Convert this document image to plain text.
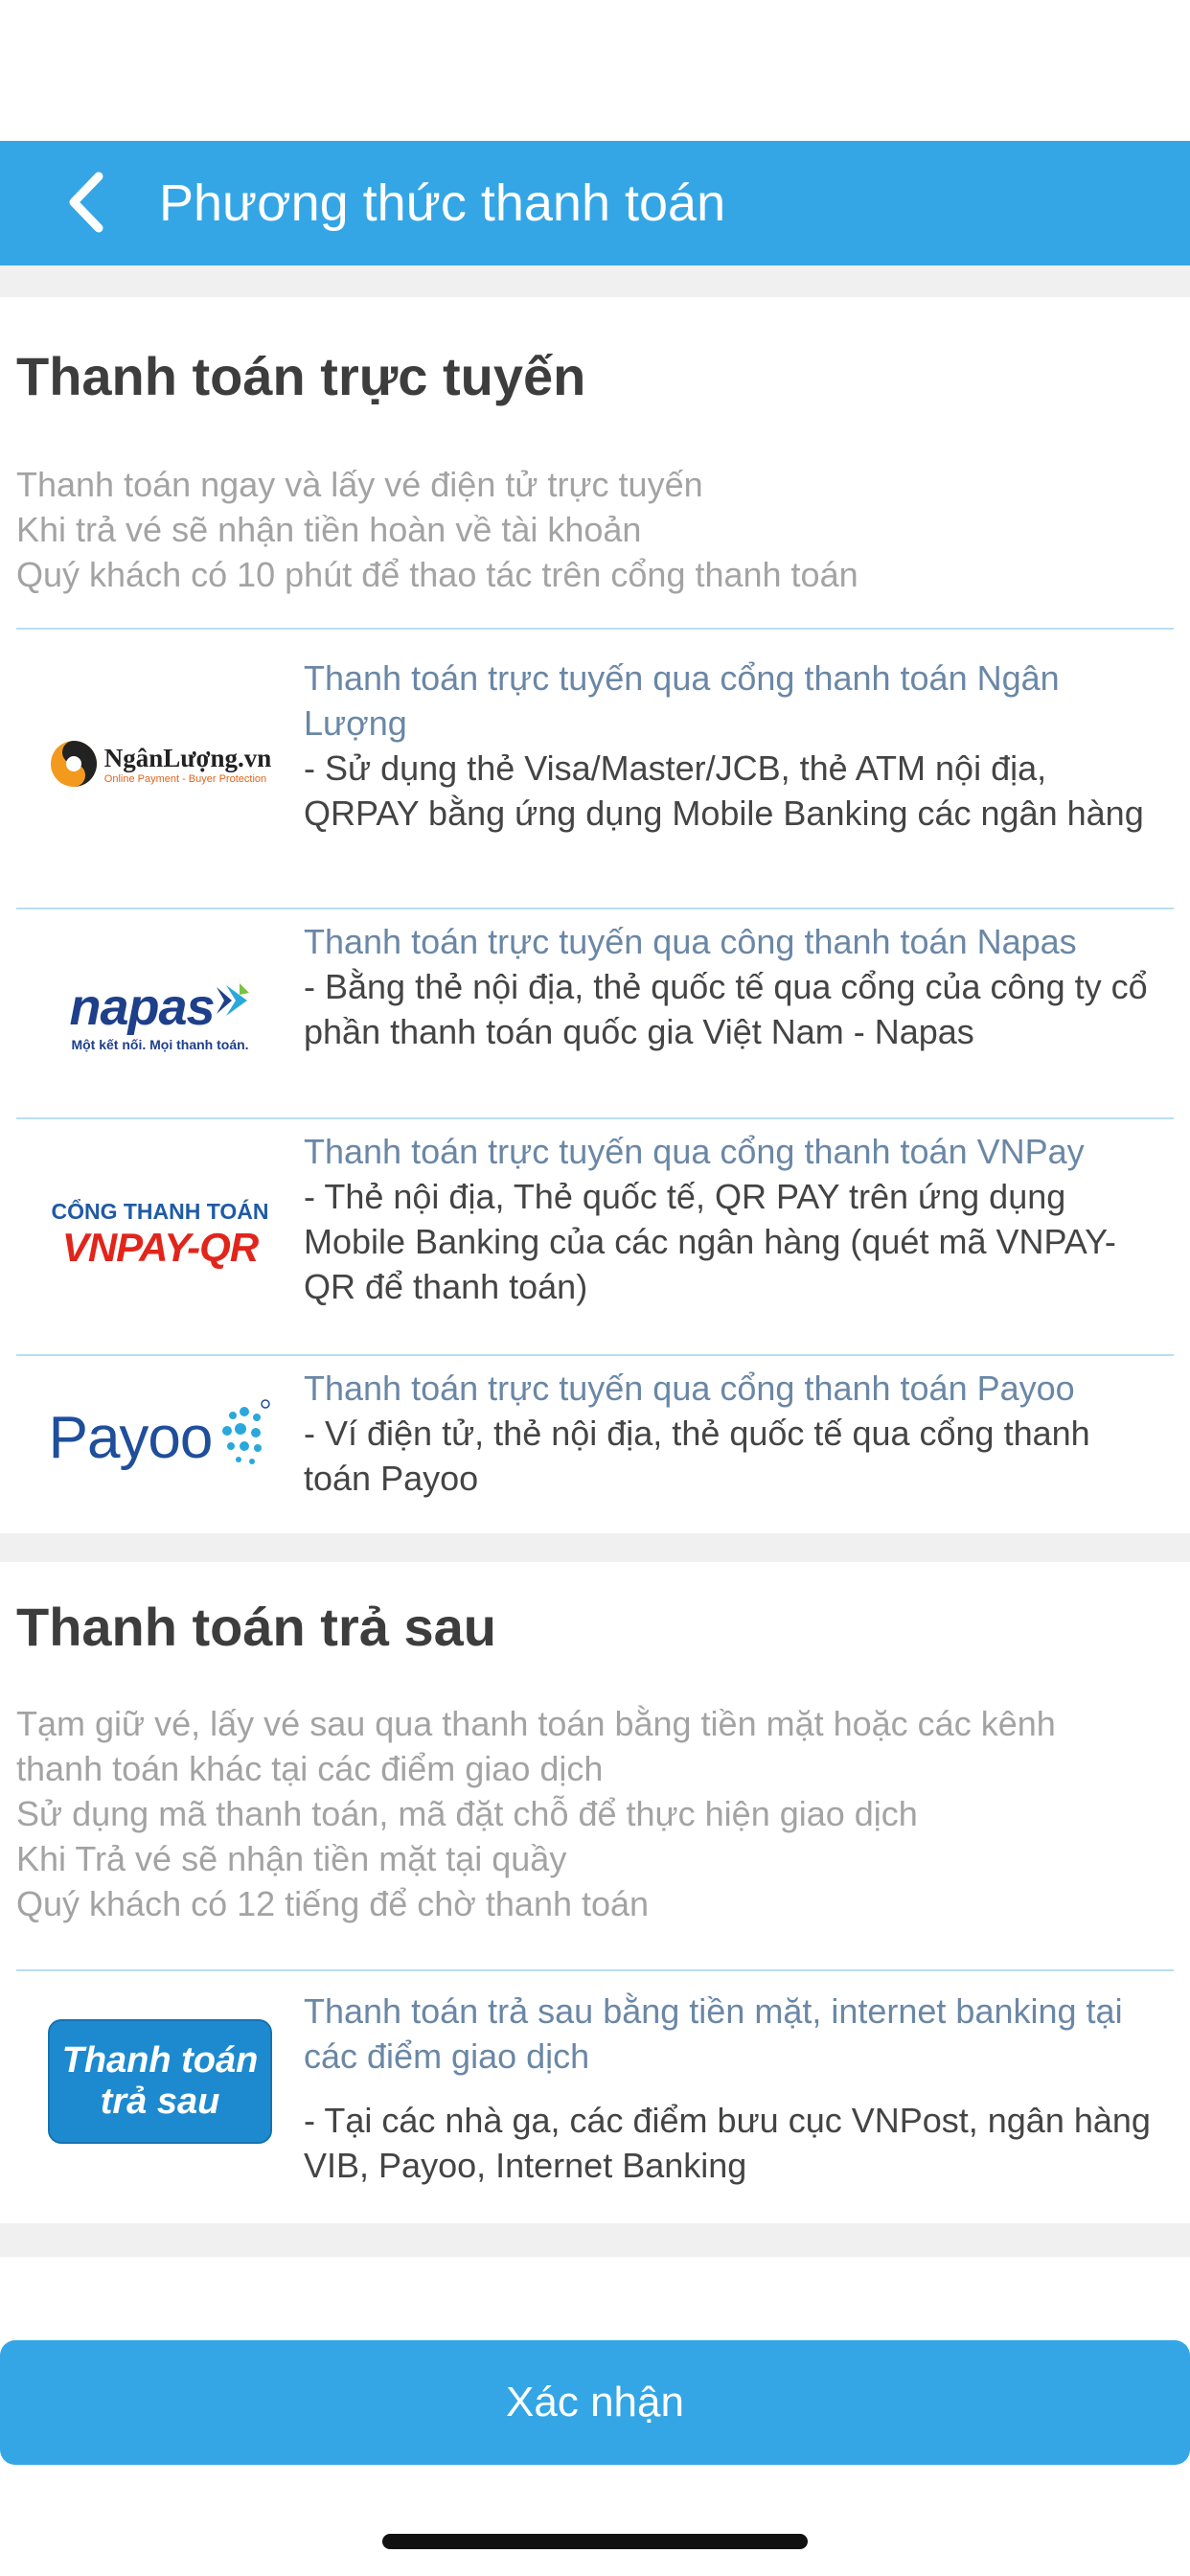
Phương thức thanh toán
Thanh toán trực tuyến
Thanh toán ngay và lấy vé điện tử trực tuyến
Khi trả vé sẽ nhận tiền hoàn về tài khoản
Quý khách có 10 phút để thao tác trên cổng thanh toán
NgânLượng.vn
Online Payment - Buyer Protection
Thanh toán trực tuyến qua cổng thanh toán Ngân Lượng
- Sử dụng thẻ Visa/Master/JCB, thẻ ATM nội địa, QRPAY bằng ứng dụng Mobile Banking các ngân hàng
napas
Một kết nối. Mọi thanh toán.
Thanh toán trực tuyến qua công thanh toán Napas
- Bằng thẻ nội địa, thẻ quốc tế qua cổng của công ty cổ phần thanh toán quốc gia Việt Nam - Napas
CỔNG THANH TOÁN
VNPAY-QR
Thanh toán trực tuyến qua cổng thanh toán VNPay
- Thẻ nội địa, Thẻ quốc tế, QR PAY trên ứng dụng Mobile Banking của các ngân hàng (quét mã VNPAY-QR để thanh toán)
Payoo
Thanh toán trực tuyến qua cổng thanh toán Payoo
- Ví điện tử, thẻ nội địa, thẻ quốc tế qua cổng thanh toán Payoo
Thanh toán trả sau
Tạm giữ vé, lấy vé sau qua thanh toán bằng tiền mặt hoặc các kênh
thanh toán khác tại các điểm giao dịch
Sử dụng mã thanh toán, mã đặt chỗ để thực hiện giao dịch
Khi Trả vé sẽ nhận tiền mặt tại quầy
Quý khách có 12 tiếng để chờ thanh toán
Thanh toán
trả sau
Thanh toán trả sau bằng tiền mặt, internet banking tại các điểm giao dịch
- Tại các nhà ga, các điểm bưu cục VNPost, ngân hàng VIB, Payoo, Internet Banking
Xác nhận
